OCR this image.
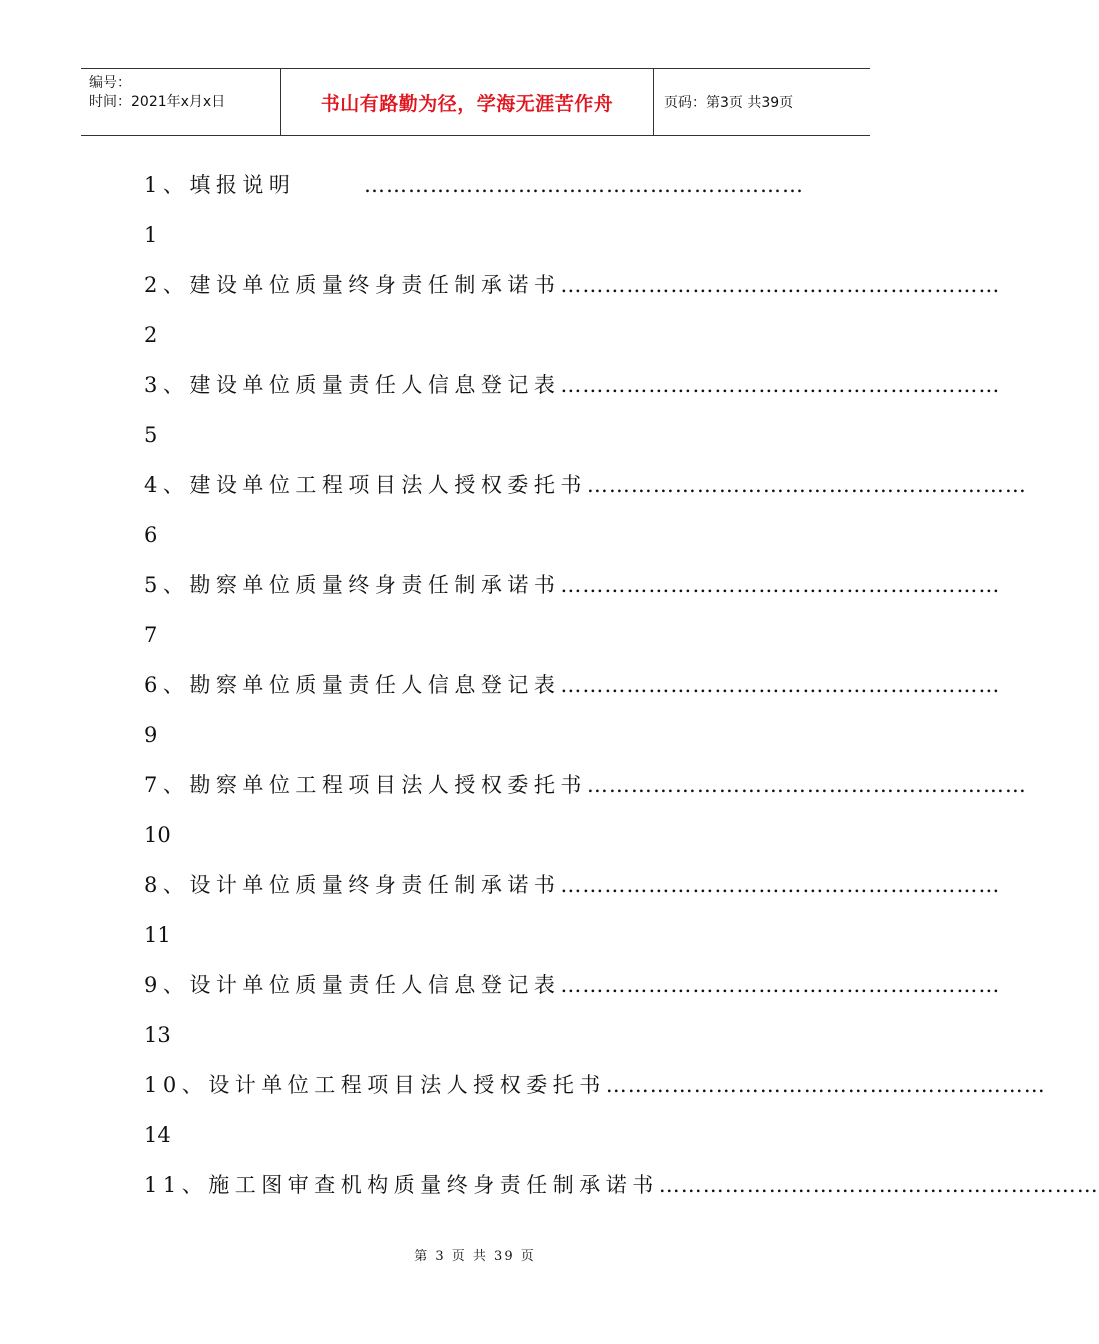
编号：
时间：2021年x月x日	书山有路勤为径，学海无涯苦作舟	页码：第3页 共39页
1、填报说明	……………………………………………………
1
2、建设单位质量终身责任制承诺书 ……………………………………………………
2
3、建设单位质量责任人信息登记表 ……………………………………………………
5
4、建设单位工程项目法人授权委托书 ……………………………………………………
6
5、勘察单位质量终身责任制承诺书 ……………………………………………………
7
6、勘察单位质量责任人信息登记表 ……………………………………………………
9
7、勘察单位工程项目法人授权委托书 ……………………………………………………
10
8、设计单位质量终身责任制承诺书 ……………………………………………………
11
9、设计单位质量责任人信息登记表 ……………………………………………………
13
10、设计单位工程项目法人授权委托书 ……………………………………………………
14
11、施工图审查机构质量终身责任制承诺书 ……………………………………………………
第 3 页 共 39 页
